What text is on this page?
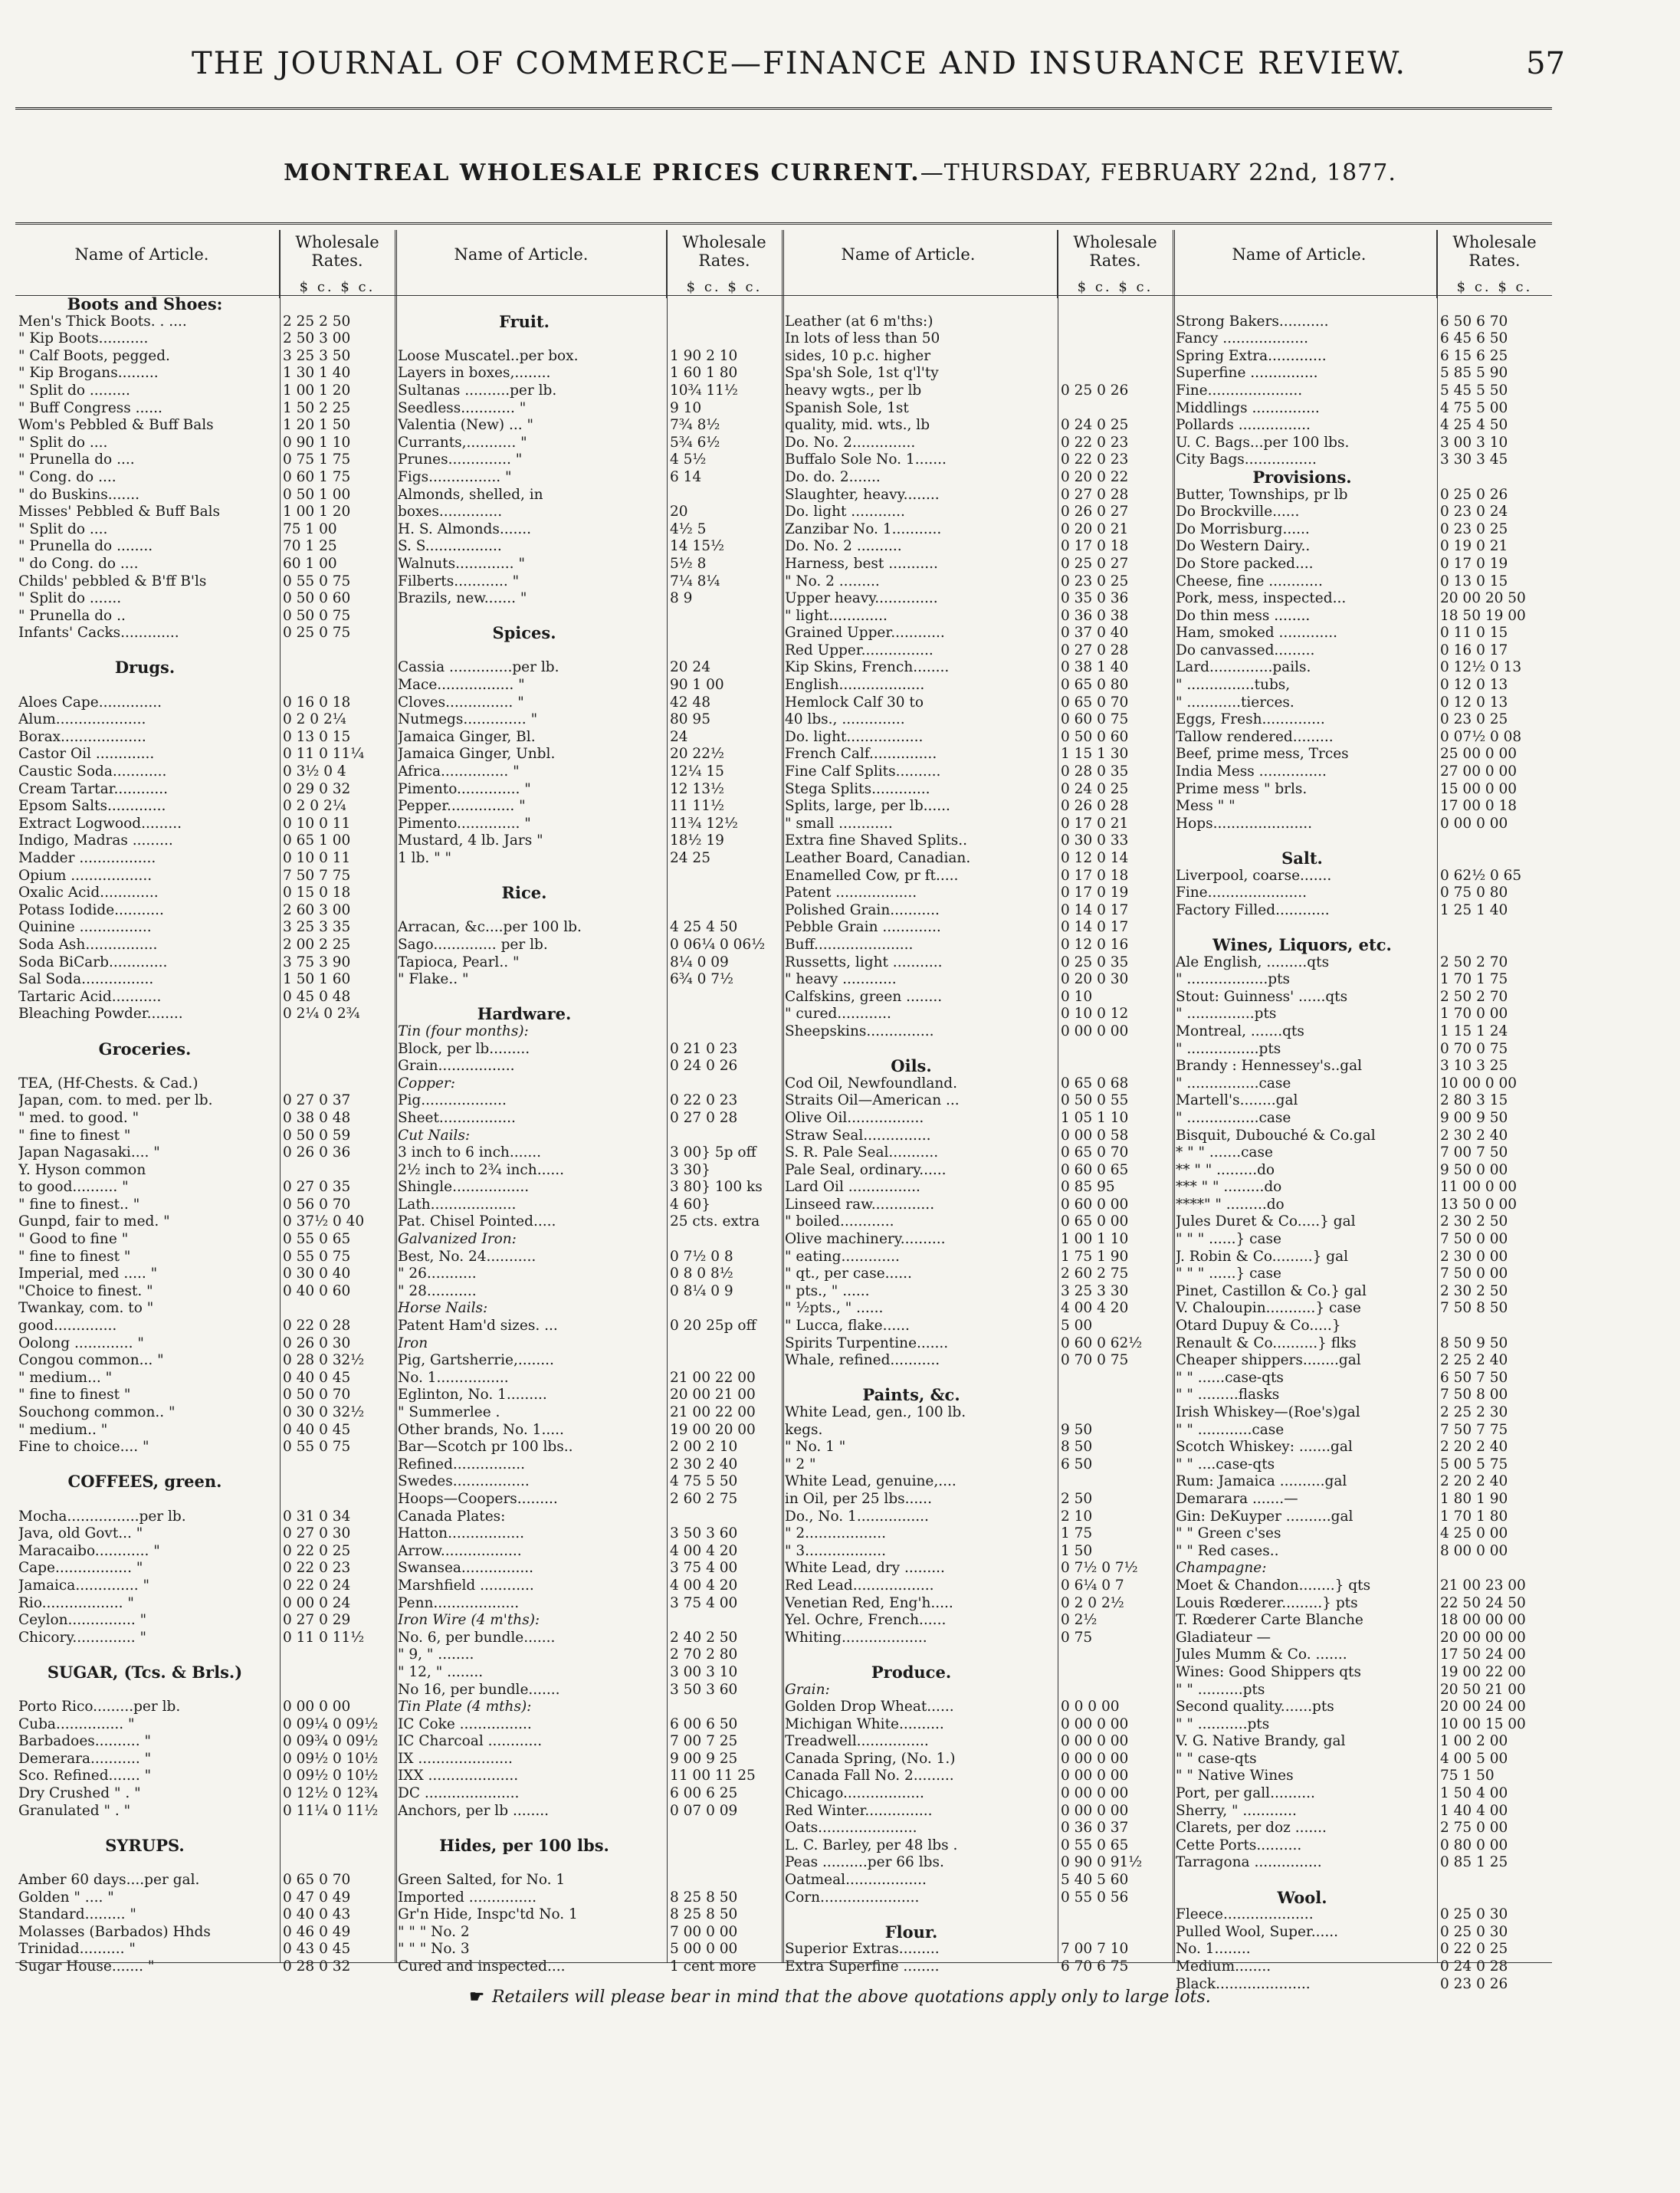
THE JOURNAL OF COMMERCE—FINANCE AND INSURANCE REVIEW.	57
MONTREAL WHOLESALE PRICES CURRENT.—THURSDAY, FEBRUARY 22nd, 1877.
Name of Article.
Wholesale
Rates.
$ c. $ c.
Boots and Shoes:
Men's Thick Boots. . ....	2 25 2 50
" Kip Boots...........	2 50 3 00
" Calf Boots, pegged.	3 25 3 50
" Kip Brogans.........	1 30 1 40
" Split do .........	1 00 1 20
" Buff Congress ......	1 50 2 25
Wom's Pebbled & Buff Bals	1 20 1 50
" Split do ....	0 90 1 10
" Prunella do ....	0 75 1 75
" Cong. do ....	0 60 1 75
" do Buskins.......	0 50 1 00
Misses' Pebbled & Buff Bals	1 00 1 20
" Split do ....	75 1 00
" Prunella do ........	70 1 25
" do Cong. do ....	60 1 00
Childs' pebbled & B'ff B'ls	0 55 0 75
" Split do .......	0 50 0 60
" Prunella do ..	0 50 0 75
Infants' Cacks.............	0 25 0 75
Drugs.
Aloes Cape..............	0 16 0 18
Alum....................	0 2 0 2¼
Borax...................	0 13 0 15
Castor Oil .............	0 11 0 11¼
Caustic Soda............	0 3½ 0 4
Cream Tartar............	0 29 0 32
Epsom Salts.............	0 2 0 2¼
Extract Logwood.........	0 10 0 11
Indigo, Madras .........	0 65 1 00
Madder .................	0 10 0 11
Opium ..................	7 50 7 75
Oxalic Acid.............	0 15 0 18
Potass Iodide...........	2 60 3 00
Quinine ................	3 25 3 35
Soda Ash................	2 00 2 25
Soda BiCarb.............	3 75 3 90
Sal Soda................	1 50 1 60
Tartaric Acid...........	0 45 0 48
Bleaching Powder........	0 2¼ 0 2¾
Groceries.
TEA, (Hf-Chests. & Cad.)
Japan, com. to med. per lb.	0 27 0 37
" med. to good. "	0 38 0 48
" fine to finest "	0 50 0 59
Japan Nagasaki.... "	0 26 0 36
Y. Hyson common
to good.......... "	0 27 0 35
" fine to finest.. "	0 56 0 70
Gunpd, fair to med. "	0 37½ 0 40
" Good to fine "	0 55 0 65
" fine to finest "	0 55 0 75
Imperial, med ..... "	0 30 0 40
"Choice to finest. "	0 40 0 60
Twankay, com. to "
good..............	0 22 0 28
Oolong ............. "	0 26 0 30
Congou common... "	0 28 0 32½
" medium... "	0 40 0 45
" fine to finest "	0 50 0 70
Souchong common.. "	0 30 0 32½
" medium.. "	0 40 0 45
Fine to choice.... "	0 55 0 75
COFFEES, green.
Mocha................per lb.	0 31 0 34
Java, old Govt... "	0 27 0 30
Maracaibo............ "	0 22 0 25
Cape................. "	0 22 0 23
Jamaica.............. "	0 22 0 24
Rio.................. "	0 00 0 24
Ceylon............... "	0 27 0 29
Chicory.............. "	0 11 0 11½
SUGAR, (Tcs. & Brls.)
Porto Rico.........per lb.	0 00 0 00
Cuba............... "	0 09¼ 0 09½
Barbadoes.......... "	0 09¾ 0 09½
Demerara........... "	0 09½ 0 10½
Sco. Refined....... "	0 09½ 0 10½
Dry Crushed " . "	0 12½ 0 12¾
Granulated " . "	0 11¼ 0 11½
SYRUPS.
Amber 60 days....per gal.	0 65 0 70
Golden " .... "	0 47 0 49
Standard......... "	0 40 0 43
Molasses (Barbados) Hhds	0 46 0 49
Trinidad.......... "	0 43 0 45
Sugar House....... "	0 28 0 32
Name of Article.
Wholesale
Rates.
$ c. $ c.
Fruit.
Loose Muscatel..per box.	1 90 2 10
Layers in boxes,........	1 60 1 80
Sultanas ..........per lb.	10¾ 11½
Seedless............ "	9 10
Valentia (New) ... "	7¾ 8½
Currants,........... "	5¾ 6½
Prunes.............. "	4 5½
Figs................ "	6 14
Almonds, shelled, in
boxes..............	20
H. S. Almonds.......	4½ 5
S. S.................	14 15½
Walnuts............. "	5½ 8
Filberts............ "	7¼ 8¼
Brazils, new....... "	8 9
Spices.
Cassia ..............per lb.	20 24
Mace................. "	90 1 00
Cloves............... "	42 48
Nutmegs.............. "	80 95
Jamaica Ginger, Bl.	24
Jamaica Ginger, Unbl.	20 22½
Africa............... "	12¼ 15
Pimento.............. "	12 13½
Pepper............... "	11 11½
Pimento.............. "	11¾ 12½
Mustard, 4 lb. Jars "	18½ 19
1 lb. " "	24 25
Rice.
Arracan, &c....per 100 lb.	4 25 4 50
Sago.............. per lb.	0 06¼ 0 06½
Tapioca, Pearl.. "	8¼ 0 09
" Flake.. "	6¾ 0 7½
Hardware.
Tin (four months):
Block, per lb.........	0 21 0 23
Grain.................	0 24 0 26
Copper:
Pig...................	0 22 0 23
Sheet.................	0 27 0 28
Cut Nails:
3 inch to 6 inch.......	3 00} 5p off
2½ inch to 2¾ inch......	3 30}
Shingle.................	3 80} 100 ks
Lath...................	4 60}
Pat. Chisel Pointed.....	25 cts. extra
Galvanized Iron:
Best, No. 24...........	0 7½ 0 8
" 26...........	0 8 0 8½
" 28...........	0 8¼ 0 9
Horse Nails:
Patent Ham'd sizes. ...	0 20 25p off
Iron
Pig, Gartsherrie,........
No. 1................	21 00 22 00
Eglinton, No. 1.........	20 00 21 00
" Summerlee .	21 00 22 00
Other brands, No. 1.....	19 00 20 00
Bar—Scotch pr 100 lbs..	2 00 2 10
Refined................	2 30 2 40
Swedes.................	4 75 5 50
Hoops—Coopers.........	2 60 2 75
Canada Plates:
Hatton.................	3 50 3 60
Arrow..................	4 00 4 20
Swansea................	3 75 4 00
Marshfield ............	4 00 4 20
Penn...................	3 75 4 00
Iron Wire (4 m'ths):
No. 6, per bundle.......	2 40 2 50
" 9, " ........	2 70 2 80
" 12, " ........	3 00 3 10
No 16, per bundle.......	3 50 3 60
Tin Plate (4 mths):
IC Coke ................	6 00 6 50
IC Charcoal ............	7 00 7 25
IX .....................	9 00 9 25
IXX ....................	11 00 11 25
DC .....................	6 00 6 25
Anchors, per lb ........	0 07 0 09
Hides, per 100 lbs.
Green Salted, for No. 1
Imported ...............	8 25 8 50
Gr'n Hide, Inspc'td No. 1	8 25 8 50
" " " No. 2	7 00 0 00
" " " No. 3	5 00 0 00
Cured and inspected....	1 cent more
Name of Article.
Wholesale
Rates.
$ c. $ c.
Leather (at 6 m'ths:)
In lots of less than 50
sides, 10 p.c. higher
Spa'sh Sole, 1st q'l'ty
heavy wgts., per lb	0 25 0 26
Spanish Sole, 1st
quality, mid. wts., lb	0 24 0 25
Do. No. 2..............	0 22 0 23
Buffalo Sole No. 1.......	0 22 0 23
Do. do. 2.......	0 20 0 22
Slaughter, heavy........	0 27 0 28
Do. light ............	0 26 0 27
Zanzibar No. 1...........	0 20 0 21
Do. No. 2 ..........	0 17 0 18
Harness, best ...........	0 25 0 27
" No. 2 .........	0 23 0 25
Upper heavy..............	0 35 0 36
" light.............	0 36 0 38
Grained Upper............	0 37 0 40
Red Upper................	0 27 0 28
Kip Skins, French........	0 38 1 40
English...................	0 65 0 80
Hemlock Calf 30 to	0 65 0 70
40 lbs., ..............	0 60 0 75
Do. light.................	0 50 0 60
French Calf...............	1 15 1 30
Fine Calf Splits..........	0 28 0 35
Stega Splits.............	0 24 0 25
Splits, large, per lb......	0 26 0 28
" small ............	0 17 0 21
Extra fine Shaved Splits..	0 30 0 33
Leather Board, Canadian.	0 12 0 14
Enamelled Cow, pr ft.....	0 17 0 18
Patent ..................	0 17 0 19
Polished Grain...........	0 14 0 17
Pebble Grain .............	0 14 0 17
Buff......................	0 12 0 16
Russetts, light ...........	0 25 0 35
" heavy ............	0 20 0 30
Calfskins, green ........	0 10
" cured............	0 10 0 12
Sheepskins...............	0 00 0 00
Oils.
Cod Oil, Newfoundland.	0 65 0 68
Straits Oil—American ...	0 50 0 55
Olive Oil.................	1 05 1 10
Straw Seal...............	0 00 0 58
S. R. Pale Seal...........	0 65 0 70
Pale Seal, ordinary......	0 60 0 65
Lard Oil ................	0 85 95
Linseed raw..............	0 60 0 00
" boiled............	0 65 0 00
Olive machinery..........	1 00 1 10
" eating.............	1 75 1 90
" qt., per case......	2 60 2 75
" pts., " ......	3 25 3 30
" ½pts., " ......	4 00 4 20
" Lucca, flake......	5 00
Spirits Turpentine.......	0 60 0 62½
Whale, refined...........	0 70 0 75
Paints, &c.
White Lead, gen., 100 lb.
kegs.	9 50
" No. 1 "	8 50
" 2 "	6 50
White Lead, genuine,....
in Oil, per 25 lbs......	2 50
Do., No. 1................	2 10
" 2..................	1 75
" 3..................	1 50
White Lead, dry .........	0 7½ 0 7½
Red Lead..................	0 6¼ 0 7
Venetian Red, Eng'h.....	0 2 0 2½
Yel. Ochre, French......	0 2½
Whiting...................	0 75
Produce.
Grain:
Golden Drop Wheat......	0 0 0 00
Michigan White..........	0 00 0 00
Treadwell................	0 00 0 00
Canada Spring, (No. 1.)	0 00 0 00
Canada Fall No. 2.........	0 00 0 00
Chicago..................	0 00 0 00
Red Winter...............	0 00 0 00
Oats......................	0 36 0 37
L. C. Barley, per 48 lbs .	0 55 0 65
Peas ..........per 66 lbs.	0 90 0 91½
Oatmeal..................	5 40 5 60
Corn......................	0 55 0 56
Flour.
Superior Extras.........	7 00 7 10
Extra Superfine ........	6 70 6 75
Name of Article.
Wholesale
Rates.
$ c. $ c.
Strong Bakers...........	6 50 6 70
Fancy ...................	6 45 6 50
Spring Extra.............	6 15 6 25
Superfine ...............	5 85 5 90
Fine.....................	5 45 5 50
Middlings ...............	4 75 5 00
Pollards ................	4 25 4 50
U. C. Bags...per 100 lbs.	3 00 3 10
City Bags................	3 30 3 45
Provisions.
Butter, Townships, pr lb	0 25 0 26
Do Brockville......	0 23 0 24
Do Morrisburg......	0 23 0 25
Do Western Dairy..	0 19 0 21
Do Store packed....	0 17 0 19
Cheese, fine ............	0 13 0 15
Pork, mess, inspected...	20 00 20 50
Do thin mess ........	18 50 19 00
Ham, smoked .............	0 11 0 15
Do canvassed.........	0 16 0 17
Lard..............pails.	0 12½ 0 13
" ...............tubs,	0 12 0 13
" ............tierces.	0 12 0 13
Eggs, Fresh..............	0 23 0 25
Tallow rendered.........	0 07½ 0 08
Beef, prime mess, Trces	25 00 0 00
India Mess ...............	27 00 0 00
Prime mess " brls.	15 00 0 00
Mess " "	17 00 0 18
Hops......................	0 00 0 00
Salt.
Liverpool, coarse.......	0 62½ 0 65
Fine......................	0 75 0 80
Factory Filled............	1 25 1 40
Wines, Liquors, etc.
Ale English, .........qts	2 50 2 70
" ..................pts	1 70 1 75
Stout: Guinness' ......qts	2 50 2 70
" ...............pts	1 70 0 00
Montreal, .......qts	1 15 1 24
" ................pts	0 70 0 75
Brandy : Hennessey's..gal	3 10 3 25
" ................case	10 00 0 00
Martell's........gal	2 80 3 15
" ................case	9 00 9 50
Bisquit, Dubouché & Co.gal	2 30 2 40
* " " .......case	7 00 7 50
** " " .........do	9 50 0 00
*** " " .........do	11 00 0 00
****" " .........do	13 50 0 00
Jules Duret & Co.....} gal	2 30 2 50
" " " ......} case	7 50 0 00
J. Robin & Co.........} gal	2 30 0 00
" " " ......} case	7 50 0 00
Pinet, Castillon & Co.} gal	2 30 2 50
V. Chaloupin...........} case	7 50 8 50
Otard Dupuy & Co.....}
Renault & Co..........} flks	8 50 9 50
Cheaper shippers........gal	2 25 2 40
" " ......case-qts	6 50 7 50
" " .........flasks	7 50 8 00
Irish Whiskey—(Roe's)gal	2 25 2 30
" " ............case	7 50 7 75
Scotch Whiskey: .......gal	2 20 2 40
" " ....case-qts	5 00 5 75
Rum: Jamaica ..........gal	2 20 2 40
Demarara .......—	1 80 1 90
Gin: DeKuyper ..........gal	1 70 1 80
" " Green c'ses	4 25 0 00
" " Red cases..	8 00 0 00
Champagne:
Moet & Chandon........} qts	21 00 23 00
Louis Rœderer.........} pts	22 50 24 50
T. Rœderer Carte Blanche	18 00 00 00
Gladiateur —	20 00 00 00
Jules Mumm & Co. .......	17 50 24 00
Wines: Good Shippers qts	19 00 22 00
" " ..........pts	20 50 21 00
Second quality.......pts	20 00 24 00
" " ...........pts	10 00 15 00
V. G. Native Brandy, gal	1 00 2 00
" " case-qts	4 00 5 00
" " Native Wines	75 1 50
Port, per gall..........	1 50 4 00
Sherry, " ............	1 40 4 00
Clarets, per doz .......	2 75 0 00
Cette Ports..........	0 80 0 00
Tarragona ...............	0 85 1 25
Wool.
Fleece....................	0 25 0 30
Pulled Wool, Super......	0 25 0 30
No. 1........	0 22 0 25
Medium........	0 24 0 28
Black.....................	0 23 0 26
☛ Retailers will please bear in mind that the above quotations apply only to large lots.
